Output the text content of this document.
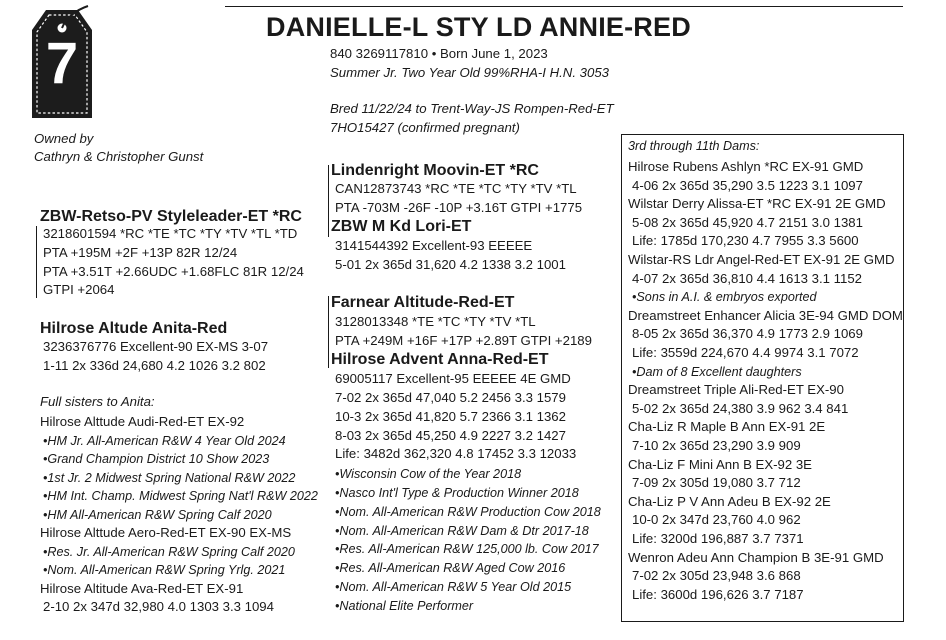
7
DANIELLE-L STY LD ANNIE-RED
840 3269117810 • Born June 1, 2023
Summer Jr. Two Year Old 99%RHA-I H.N. 3053
Bred 11/22/24 to Trent-Way-JS Rompen-Red-ET
7HO15427 (confirmed pregnant)
Owned by
Cathryn & Christopher Gunst
ZBW-Retso-PV Styleleader-ET *RC
3218601594 *RC *TE *TC *TY *TV *TL *TD
PTA +195M +2F +13P 82R 12/24
PTA +3.51T +2.66UDC +1.68FLC 81R 12/24
GTPI +2064
Hilrose Altude Anita-Red
3236376776 Excellent-90 EX-MS 3-07
1-11 2x 336d 24,680 4.2 1026 3.2 802
Full sisters to Anita:
Hilrose Alttude Audi-Red-ET EX-92
•HM Jr. All-American R&W 4 Year Old 2024
•Grand Champion District 10 Show 2023
•1st Jr. 2 Midwest Spring National R&W 2022
•HM Int. Champ. Midwest Spring Nat'l R&W 2022
•HM All-American R&W Spring Calf 2020
Hilrose Alttude Aero-Red-ET EX-90 EX-MS
•Res. Jr. All-American R&W Spring Calf 2020
•Nom. All-American R&W Spring Yrlg. 2021
Hilrose Altitude Ava-Red-ET EX-91
2-10 2x 347d 32,980 4.0 1303 3.3 1094
Lindenright Moovin-ET *RC
CAN12873743 *RC *TE *TC *TY *TV *TL
PTA -703M -26F -10P +3.16T GTPI +1775
ZBW M Kd Lori-ET
3141544392 Excellent-93 EEEEE
5-01 2x 365d 31,620 4.2 1338 3.2 1001
Farnear Altitude-Red-ET
3128013348 *TE *TC *TY *TV *TL
PTA +249M +16F +17P +2.89T GTPI +2189
Hilrose Advent Anna-Red-ET
69005117 Excellent-95 EEEEE 4E GMD
7-02 2x 365d 47,040 5.2 2456 3.3 1579
10-3 2x 365d 41,820 5.7 2366 3.1 1362
8-03 2x 365d 45,250 4.9 2227 3.2 1427
Life: 3482d 362,320 4.8 17452 3.3 12033
•Wisconsin Cow of the Year 2018
•Nasco Int'l Type & Production Winner 2018
•Nom. All-American R&W Production Cow 2018
•Nom. All-American R&W Dam & Dtr 2017-18
•Res. All-American R&W 125,000 lb. Cow 2017
•Res. All-American R&W Aged Cow 2016
•Nom. All-American R&W 5 Year Old 2015
•National Elite Performer
3rd through 11th Dams:
Hilrose Rubens Ashlyn *RC EX-91 GMD
4-06 2x 365d 35,290 3.5 1223 3.1 1097
Wilstar Derry Alissa-ET *RC EX-91 2E GMD
5-08 2x 365d 45,920 4.7 2151 3.0 1381
Life: 1785d 170,230 4.7 7955 3.3 5600
Wilstar-RS Ldr Angel-Red-ET EX-91 2E GMD
4-07 2x 365d 36,810 4.4 1613 3.1 1152
•Sons in A.I. & embryos exported
Dreamstreet Enhancer Alicia 3E-94 GMD DOM
8-05 2x 365d 36,370 4.9 1773 2.9 1069
Life: 3559d 224,670 4.4 9974 3.1 7072
•Dam of 8 Excellent daughters
Dreamstreet Triple Ali-Red-ET EX-90
5-02 2x 365d 24,380 3.9 962 3.4 841
Cha-Liz R Maple B Ann EX-91 2E
7-10 2x 365d 23,290 3.9 909
Cha-Liz F Mini Ann B EX-92 3E
7-09 2x 305d 19,080 3.7 712
Cha-Liz P V Ann Adeu B EX-92 2E
10-0 2x 347d 23,760 4.0 962
Life: 3200d 196,887 3.7 7371
Wenron Adeu Ann Champion B 3E-91 GMD
7-02 2x 305d 23,948 3.6 868
Life: 3600d 196,626 3.7 7187
